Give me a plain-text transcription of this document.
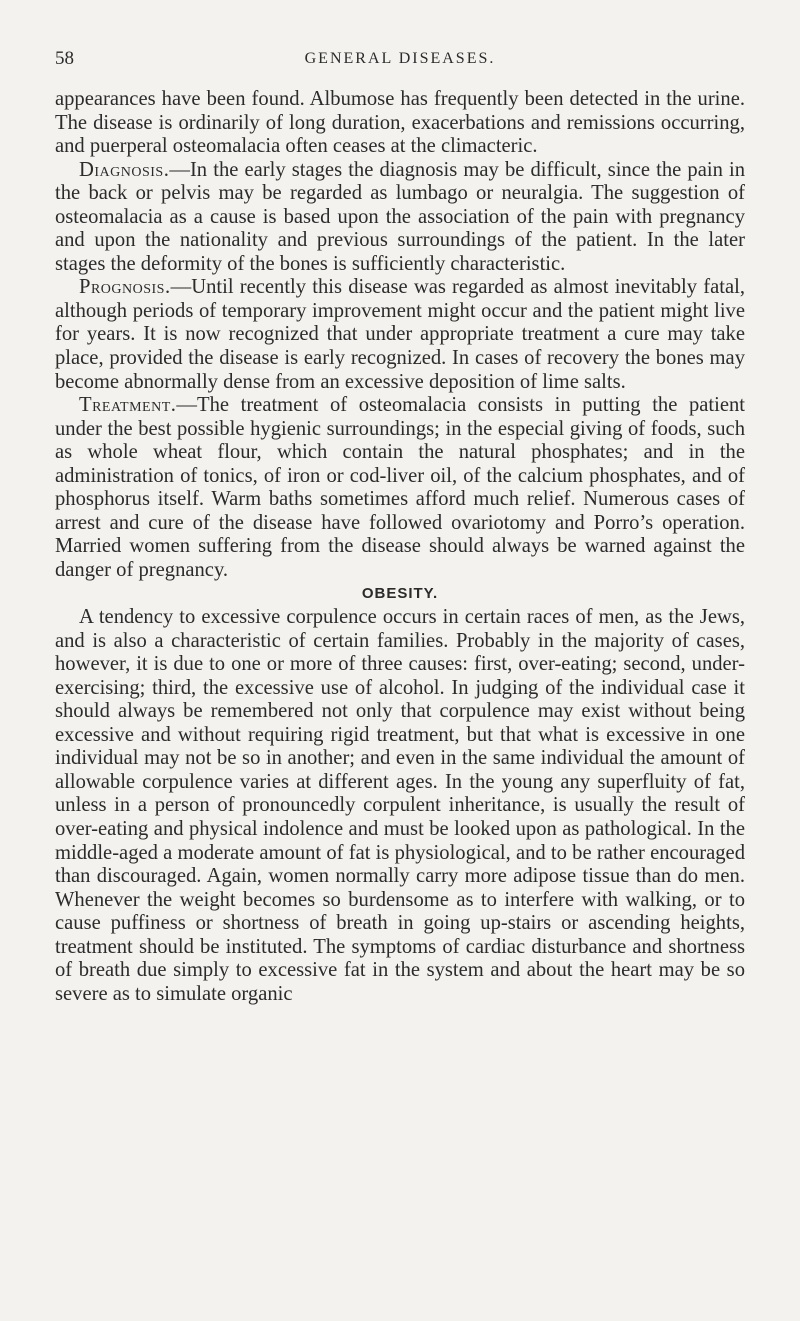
58	GENERAL DISEASES.

appearances have been found. Albumose has frequently been detected in the urine. The disease is ordinarily of long duration, exacerbations and remissions occurring, and puerperal osteomalacia often ceases at the climacteric.

Diagnosis.—In the early stages the diagnosis may be difficult, since the pain in the back or pelvis may be regarded as lumbago or neuralgia. The suggestion of osteomalacia as a cause is based upon the association of the pain with pregnancy and upon the nationality and previous surroundings of the patient. In the later stages the deformity of the bones is sufficiently characteristic.

Prognosis.—Until recently this disease was regarded as almost inevitably fatal, although periods of temporary improvement might occur and the patient might live for years. It is now recognized that under appropriate treatment a cure may take place, provided the disease is early recognized. In cases of recovery the bones may become abnormally dense from an excessive deposition of lime salts.

Treatment.—The treatment of osteomalacia consists in putting the patient under the best possible hygienic surroundings; in the especial giving of foods, such as whole wheat flour, which contain the natural phosphates; and in the administration of tonics, of iron or cod-liver oil, of the calcium phosphates, and of phosphorus itself. Warm baths sometimes afford much relief. Numerous cases of arrest and cure of the disease have followed ovariotomy and Porro’s operation. Married women suffering from the disease should always be warned against the danger of pregnancy.

OBESITY.

A tendency to excessive corpulence occurs in certain races of men, as the Jews, and is also a characteristic of certain families. Probably in the majority of cases, however, it is due to one or more of three causes: first, over-eating; second, under-exercising; third, the excessive use of alcohol. In judging of the individual case it should always be remembered not only that corpulence may exist without being excessive and without requiring rigid treatment, but that what is excessive in one individual may not be so in another; and even in the same individual the amount of allowable corpulence varies at different ages. In the young any superfluity of fat, unless in a person of pronouncedly corpulent inheritance, is usually the result of over-eating and physical indolence and must be looked upon as pathological. In the middle-aged a moderate amount of fat is physiological, and to be rather encouraged than discouraged. Again, women normally carry more adipose tissue than do men. Whenever the weight becomes so burdensome as to interfere with walking, or to cause puffiness or shortness of breath in going up-stairs or ascending heights, treatment should be instituted. The symptoms of cardiac disturbance and shortness of breath due simply to excessive fat in the system and about the heart may be so severe as to simulate organic
